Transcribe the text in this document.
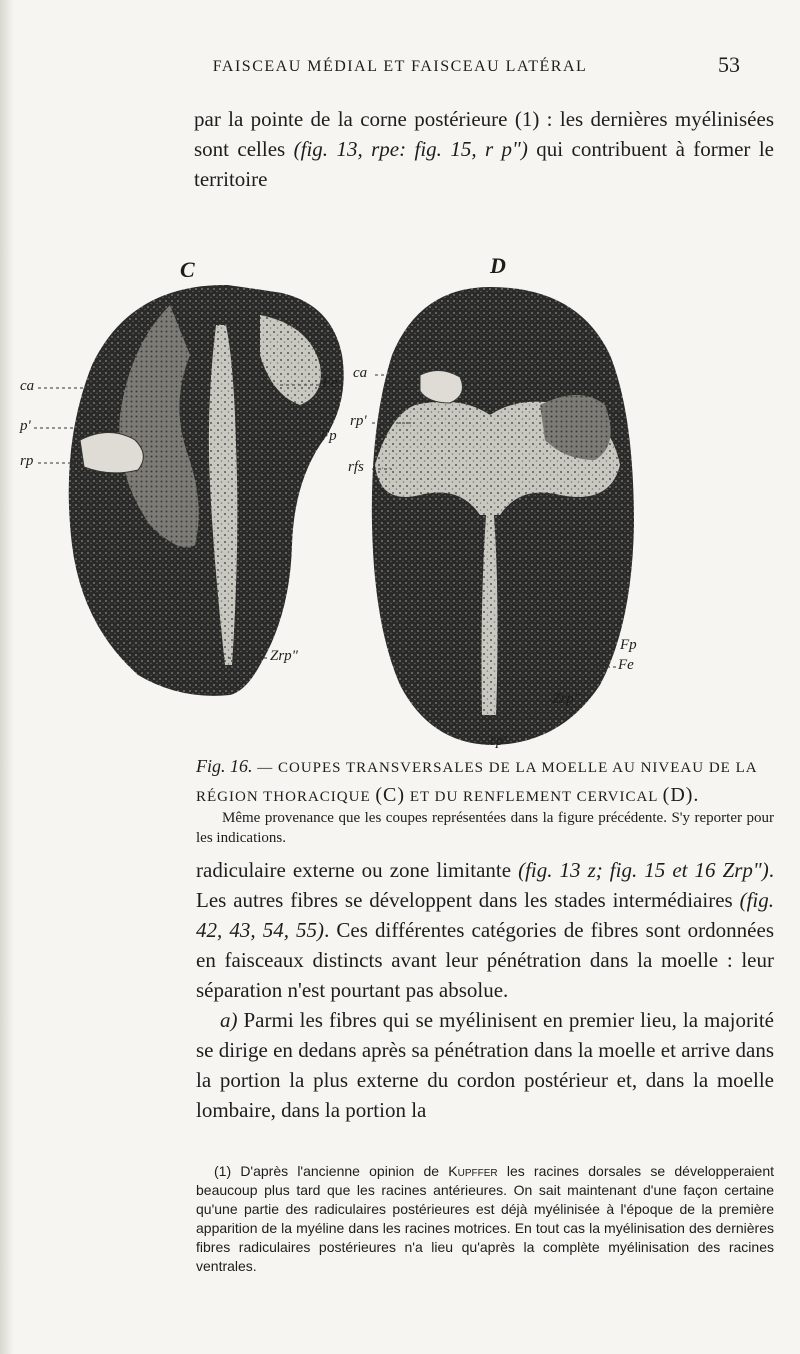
FAISCEAU MÉDIAL ET FAISCEAU LATÉRAL	53

par la pointe de la corne postérieure (1) : les dernières myélinisées sont celles (fig. 13, rpe: fig. 15, r p") qui contribuent à former le territoire

C	D
ca
p'
rp
Fe
Fp
Zrp"
ca
rp'
rfs
Fp
Fe
Zrp"
rp'
Fig. 16. — COUPES TRANSVERSALES DE LA MOELLE AU NIVEAU DE LA RÉGION THORACIQUE (C) ET DU RENFLEMENT CERVICAL (D).
Même provenance que les coupes représentées dans la figure précédente. S'y reporter pour les indications.

radiculaire externe ou zone limitante (fig. 13 z; fig. 15 et 16 Zrp"). Les autres fibres se développent dans les stades intermédiaires (fig. 42, 43, 54, 55). Ces différentes catégories de fibres sont ordonnées en faisceaux distincts avant leur pénétration dans la moelle : leur séparation n'est pourtant pas absolue.
a) Parmi les fibres qui se myélinisent en premier lieu, la majorité se dirige en dedans après sa pénétration dans la moelle et arrive dans la portion la plus externe du cordon postérieur et, dans la moelle lombaire, dans la portion la

(1) D'après l'ancienne opinion de Kupffer les racines dorsales se développeraient beaucoup plus tard que les racines antérieures. On sait maintenant d'une façon certaine qu'une partie des radiculaires postérieures est déjà myélinisée à l'époque de la première apparition de la myéline dans les racines motrices. En tout cas la myélinisation des dernières fibres radiculaires postérieures n'a lieu qu'après la complète myélinisation des racines ventrales.
